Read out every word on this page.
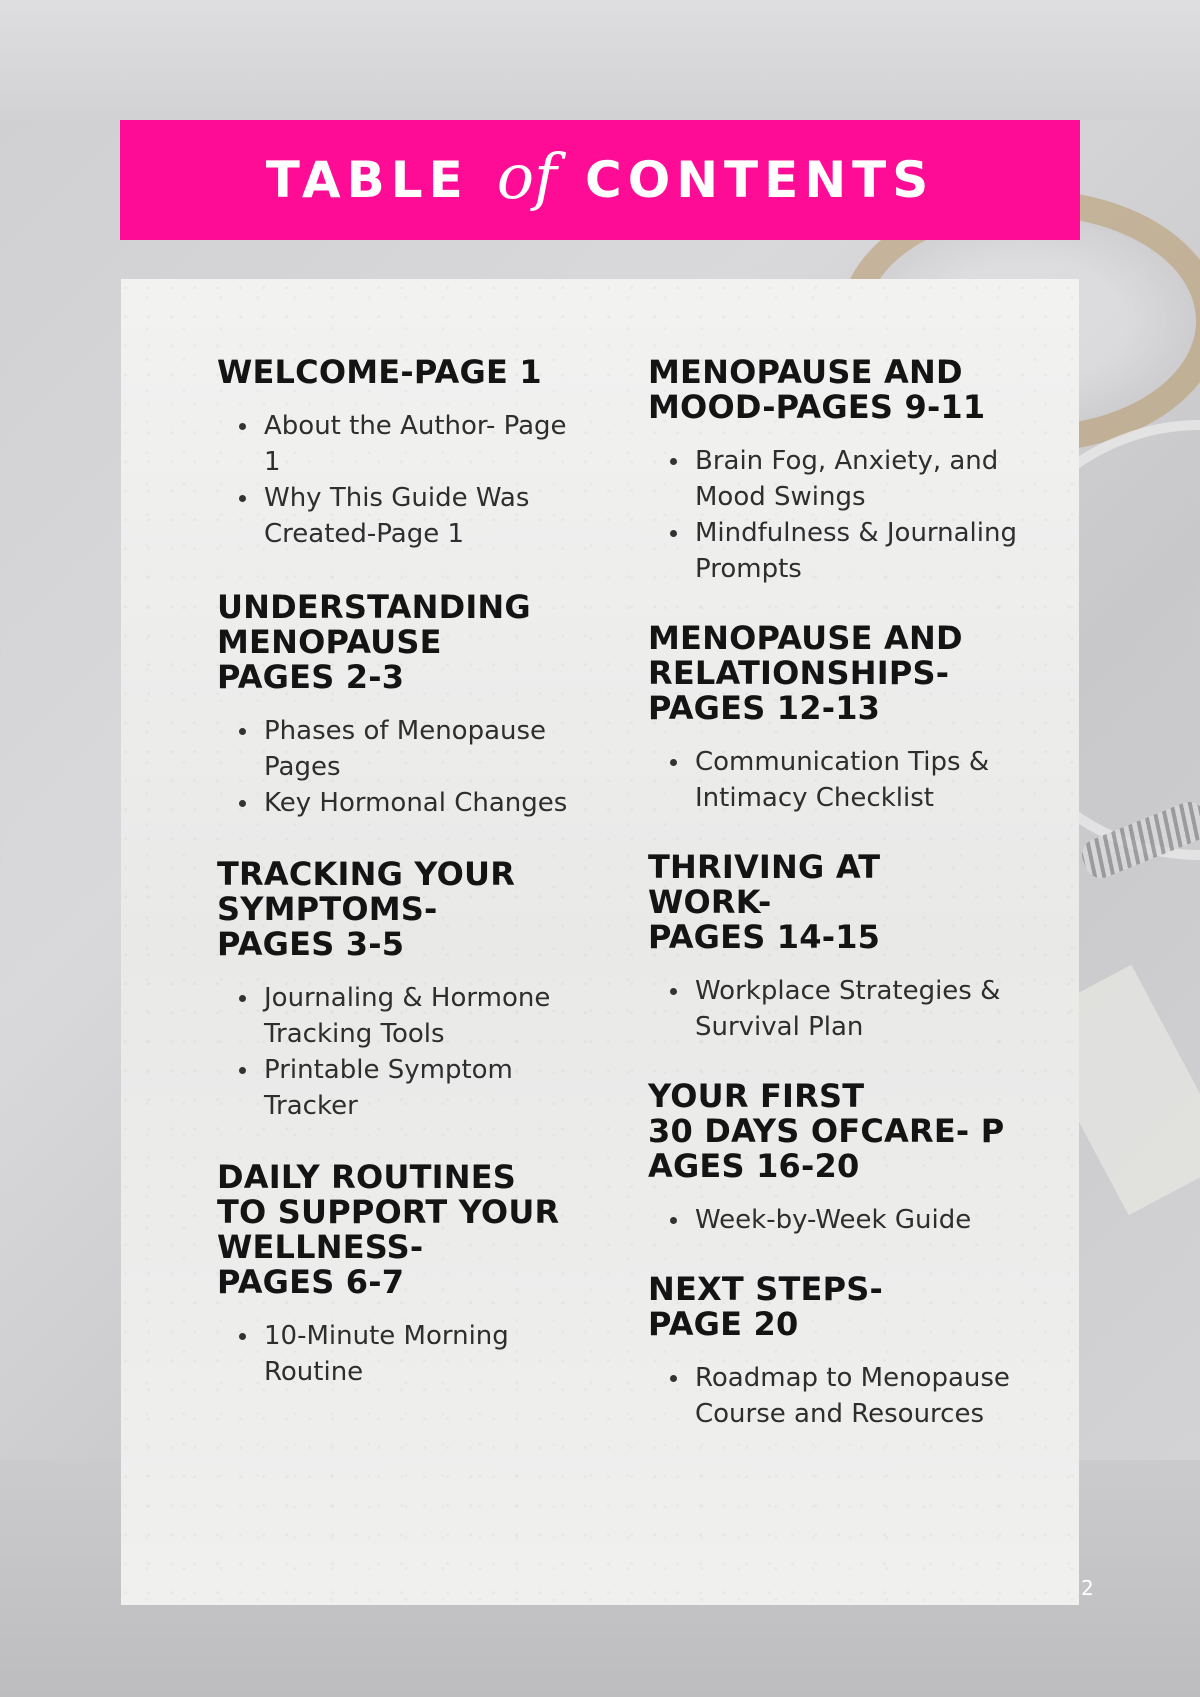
TABLE of CONTENTS
WELCOME-PAGE 1
About the Author- Page 1
Why This Guide Was Created-Page 1
UNDERSTANDING
MENOPAUSE
PAGES 2-3
Phases of Menopause Pages
Key Hormonal Changes
TRACKING YOUR
SYMPTOMS-
PAGES 3-5
Journaling & Hormone Tracking Tools
Printable Symptom Tracker
DAILY ROUTINES
TO SUPPORT YOUR
WELLNESS-
PAGES 6-7
10-Minute Morning Routine
MENOPAUSE AND
MOOD-PAGES 9-11
Brain Fog, Anxiety, and Mood Swings
Mindfulness & Journaling Prompts
MENOPAUSE AND
RELATIONSHIPS-
PAGES 12-13
Communication Tips & Intimacy Checklist
THRIVING AT
WORK-
PAGES 14-15
Workplace Strategies & Survival Plan
YOUR FIRST
30 DAYS OFCARE- P
AGES 16-20
Week-by-Week Guide
NEXT STEPS-
PAGE 20
Roadmap to Menopause Course and Resources
2
